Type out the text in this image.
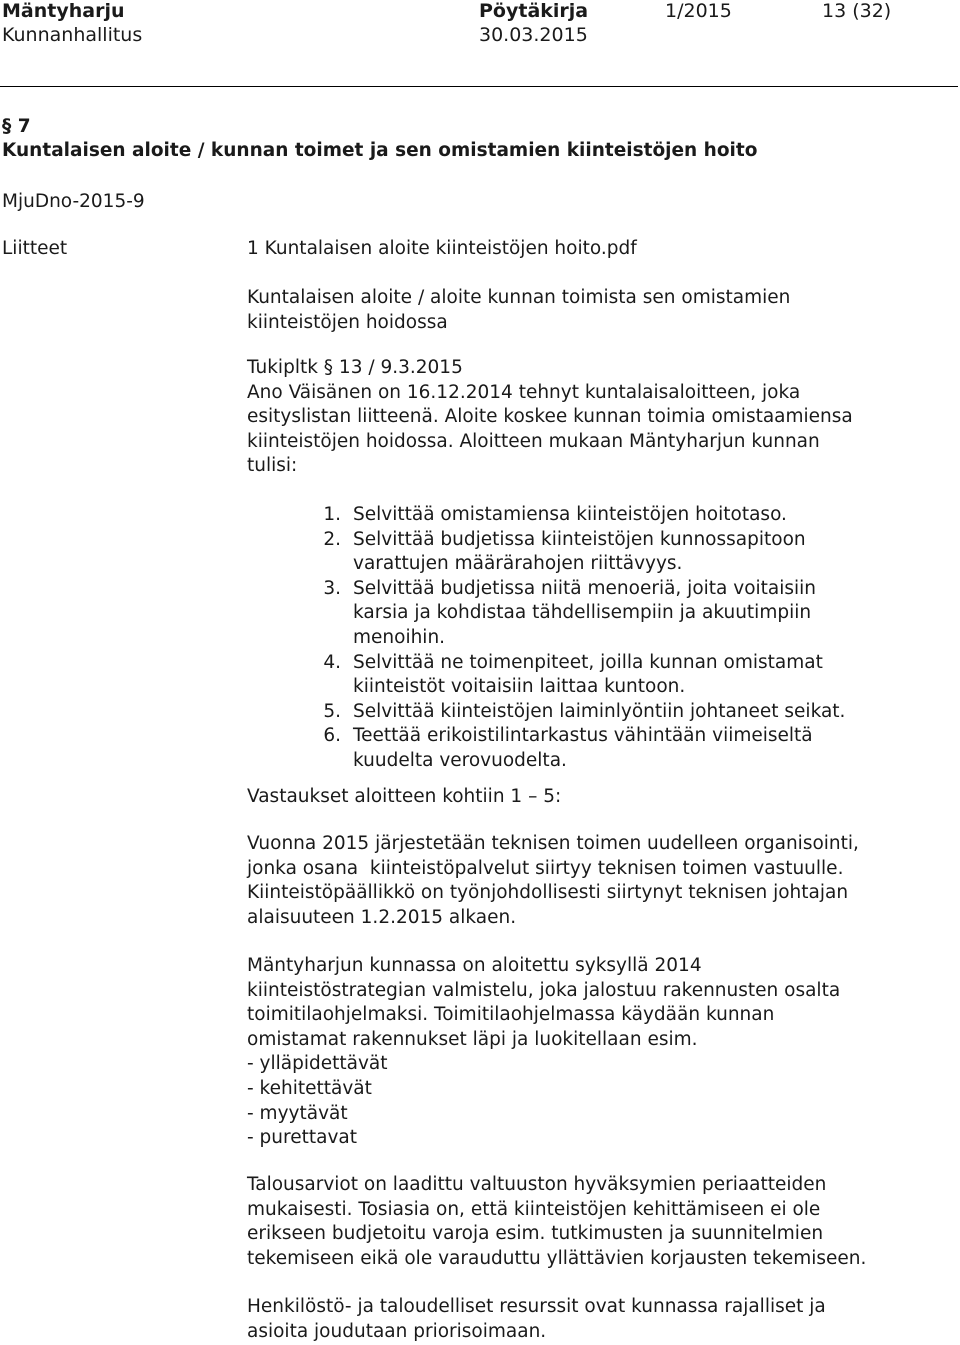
Mäntyharju	Pöytäkirja	1/2015	13 (32)
Kunnanhallitus	30.03.2015
§ 7
Kuntalaisen aloite / kunnan toimet ja sen omistamien kiinteistöjen hoito
MjuDno-2015-9
Liitteet	1 Kuntalaisen aloite kiinteistöjen hoito.pdf

Kuntalaisen aloite / aloite kunnan toimista sen omistamien

kiinteistöjen hoidossa

Tukipltk § 13 / 9.3.2015

Ano Väisänen on 16.12.2014 tehnyt kuntalaisaloitteen, joka

esityslistan liitteenä. Aloite koskee kunnan toimia omistaamiensa

kiinteistöjen hoidossa. Aloitteen mukaan Mäntyharjun kunnan

tulisi:

1. Selvittää omistamiensa kiinteistöjen hoitotaso.
2. Selvittää budjetissa kiinteistöjen kunnossapitoon
varattujen määrärahojen riittävyys.
3. Selvittää budjetissa niitä menoeriä, joita voitaisiin
karsia ja kohdistaa tähdellisempiin ja akuutimpiin
menoihin.
4. Selvittää ne toimenpiteet, joilla kunnan omistamat
kiinteistöt voitaisiin laittaa kuntoon.
5. Selvittää kiinteistöjen laiminlyöntiin johtaneet seikat.
6. Teettää erikoistilintarkastus vähintään viimeiseltä
kuudelta verovuodelta.
Vastaukset aloitteen kohtiin 1 – 5:

Vuonna 2015 järjestetään teknisen toimen uudelleen organisointi,

jonka osana  kiinteistöpalvelut siirtyy teknisen toimen vastuulle.

Kiinteistöpäällikkö on työnjohdollisesti siirtynyt teknisen johtajan

alaisuuteen 1.2.2015 alkaen.

Mäntyharjun kunnassa on aloitettu syksyllä 2014

kiinteistöstrategian valmistelu, joka jalostuu rakennusten osalta

toimitilaohjelmaksi. Toimitilaohjelmassa käydään kunnan

omistamat rakennukset läpi ja luokitellaan esim.

- ylläpidettävät
- kehitettävät
- myytävät
- purettavat

Talousarviot on laadittu valtuuston hyväksymien periaatteiden

mukaisesti. Tosiasia on, että kiinteistöjen kehittämiseen ei ole

erikseen budjetoitu varoja esim. tutkimusten ja suunnitelmien

tekemiseen eikä ole varauduttu yllättävien korjausten tekemiseen.

Henkilöstö- ja taloudelliset resurssit ovat kunnassa rajalliset ja

asioita joudutaan priorisoimaan.
